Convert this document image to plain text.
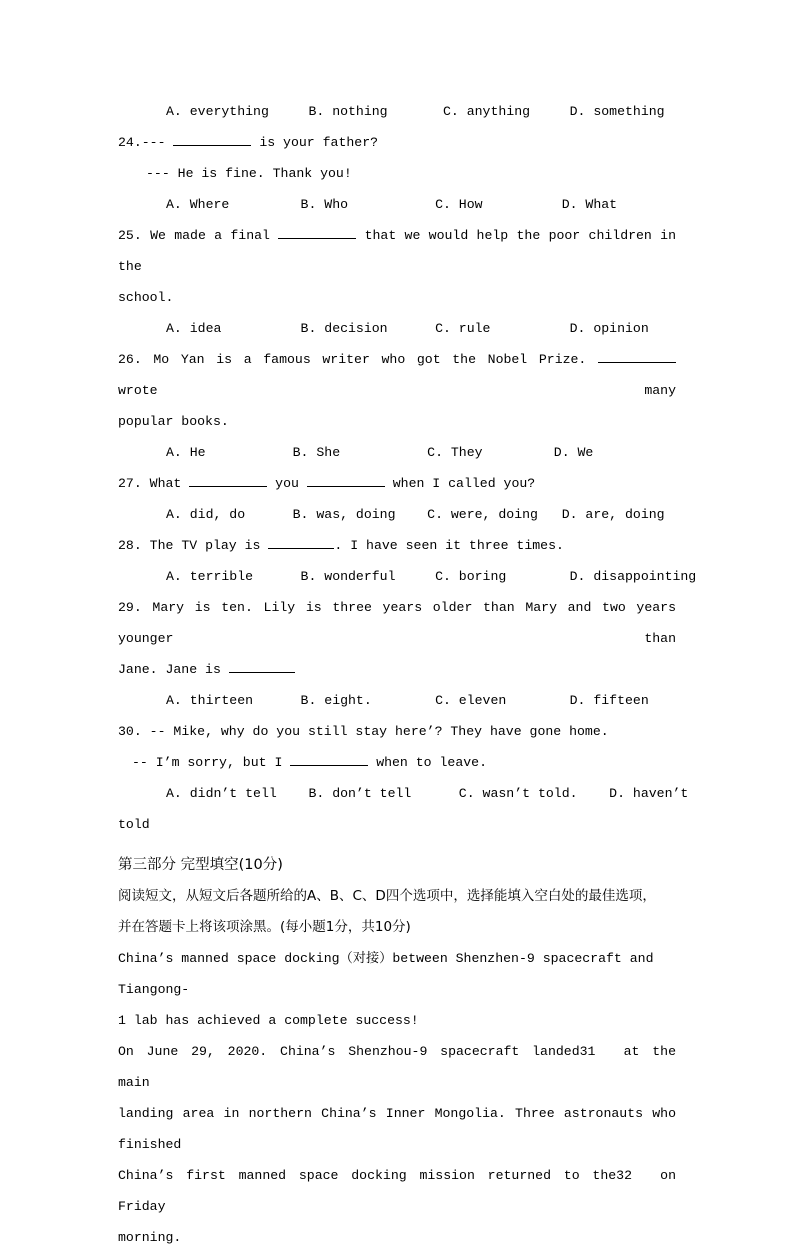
A. everything     B. nothing       C. anything     D. something
24.---	is your father?
--- He is fine. Thank you!
A. Where         B. Who           C. How          D. What
25. We made a final	that we would help the poor children in the
school.
A. idea          B. decision      C. rule          D. opinion
26. Mo Yan is a famous writer who got the Nobel Prize.  wrote many
popular books.
A. He           B. She           C. They         D. We
27. What	you	when I called you?
A. did, do      B. was, doing    C. were, doing   D. are, doing
28. The TV play is	. I have seen it three times.
A. terrible      B. wonderful     C. boring        D. disappointing
29. Mary is ten. Lily is three years older than Mary and two years younger than
Jane. Jane is
A. thirteen      B. eight.        C. eleven        D. fifteen
30. -- Mike, why do you still stay here’? They have gone home.
-- I’m sorry, but I	when to leave.
A. didn’t tell    B. don’t tell      C. wasn’t told.    D. haven’t
told
第三部分 完型填空(10分)
阅读短文，从短文后各题所给的A、B、C、D四个选项中，选择能填入空白处的最佳选项，
并在答题卡上将该项涂黑。(每小题1分，共10分)
China’s manned space docking（对接）between Shenzhen-9 spacecraft and Tiangong-
1 lab has achieved a complete success!
On June 29, 2020. China’s Shenzhou-9 spacecraft landed31 at the main
landing area in northern China’s Inner Mongolia. Three astronauts who finished
China’s first manned space docking mission returned to the32 on Friday
morning.
